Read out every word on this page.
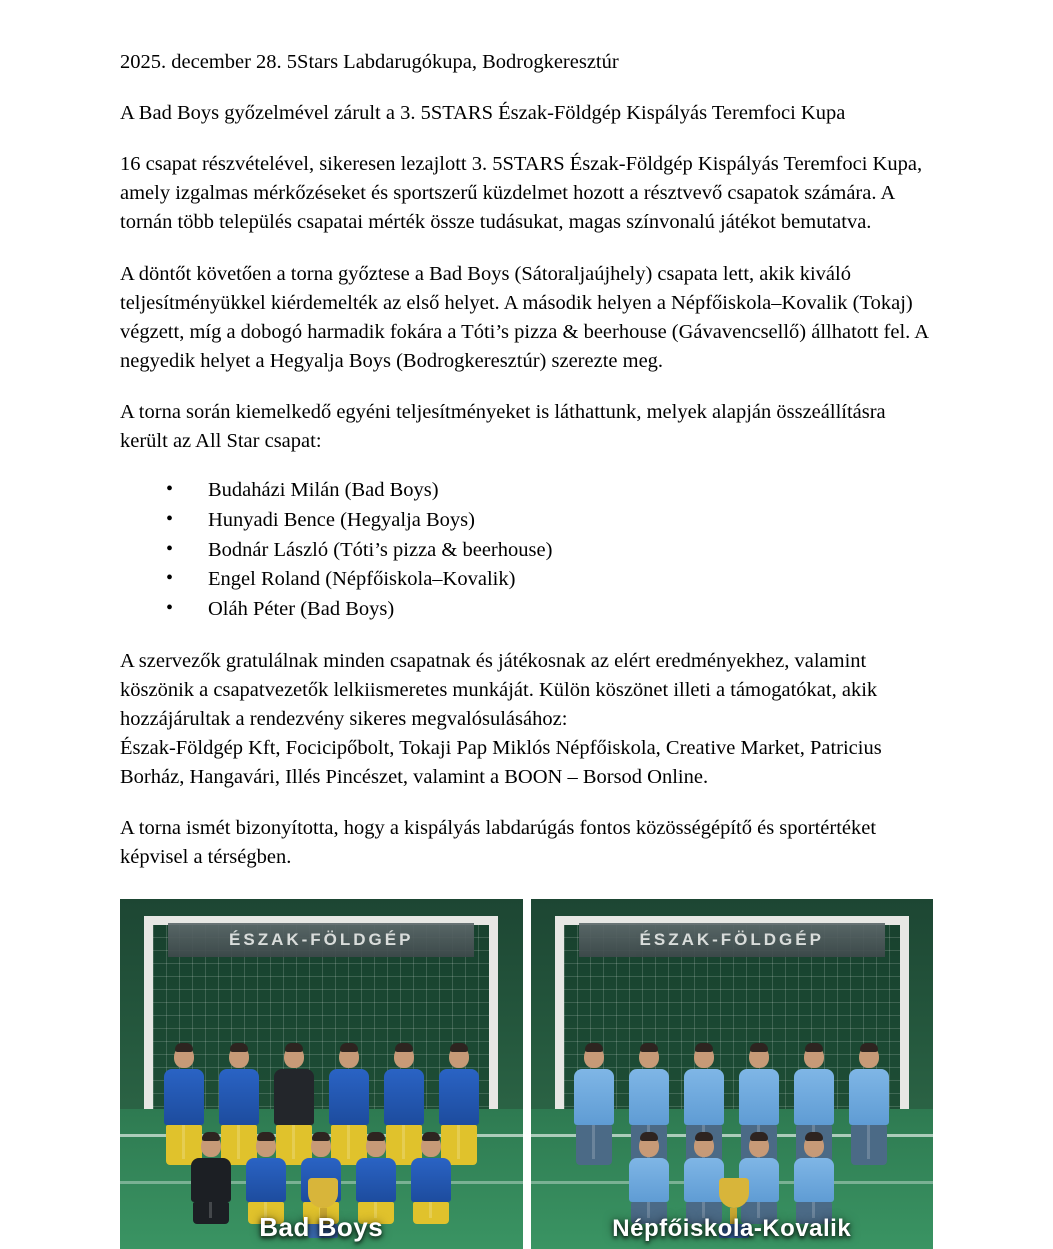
2025. december 28. 5Stars Labdarugókupa, Bodrogkeresztúr

A Bad Boys győzelmével zárult a 3. 5STARS Észak-Földgép Kispályás Teremfoci Kupa

16 csapat részvételével, sikeresen lezajlott 3. 5STARS Észak-Földgép Kispályás Teremfoci Kupa, amely izgalmas mérkőzéseket és sportszerű küzdelmet hozott a résztvevő csapatok számára. A tornán több település csapatai mérték össze tudásukat, magas színvonalú játékot bemutatva.

A döntőt követően a torna győztese a Bad Boys (Sátoraljaújhely) csapata lett, akik kiváló teljesítményükkel kiérdemelték az első helyet. A második helyen a Népfőiskola–Kovalik (Tokaj) végzett, míg a dobogó harmadik fokára a Tóti’s pizza & beerhouse (Gávavencsellő) állhatott fel. A negyedik helyet a Hegyalja Boys (Bodrogkeresztúr) szerezte meg.

A torna során kiemelkedő egyéni teljesítményeket is láthattunk, melyek alapján összeállításra került az All Star csapat:

• Budaházi Milán (Bad Boys)
• Hunyadi Bence (Hegyalja Boys)
• Bodnár László (Tóti’s pizza & beerhouse)
• Engel Roland (Népfőiskola–Kovalik)
• Oláh Péter (Bad Boys)

A szervezők gratulálnak minden csapatnak és játékosnak az elért eredményekhez, valamint köszönik a csapatvezetők lelkiismeretes munkáját. Külön köszönet illeti a támogatókat, akik hozzájárultak a rendezvény sikeres megvalósulásához:

Észak-Földgép Kft, Focicipőbolt, Tokaji Pap Miklós Népfőiskola, Creative Market, Patricius Borház, Hangavári, Illés Pincészet, valamint a BOON – Borsod Online.

A torna ismét bizonyította, hogy a kispályás labdarúgás fontos közösségépítő és sportértéket képvisel a térségben.

ÉSZAK-FÖLDGÉP
Bad Boys
ÉSZAK-FÖLDGÉP
Népfőiskola-Kovalik
